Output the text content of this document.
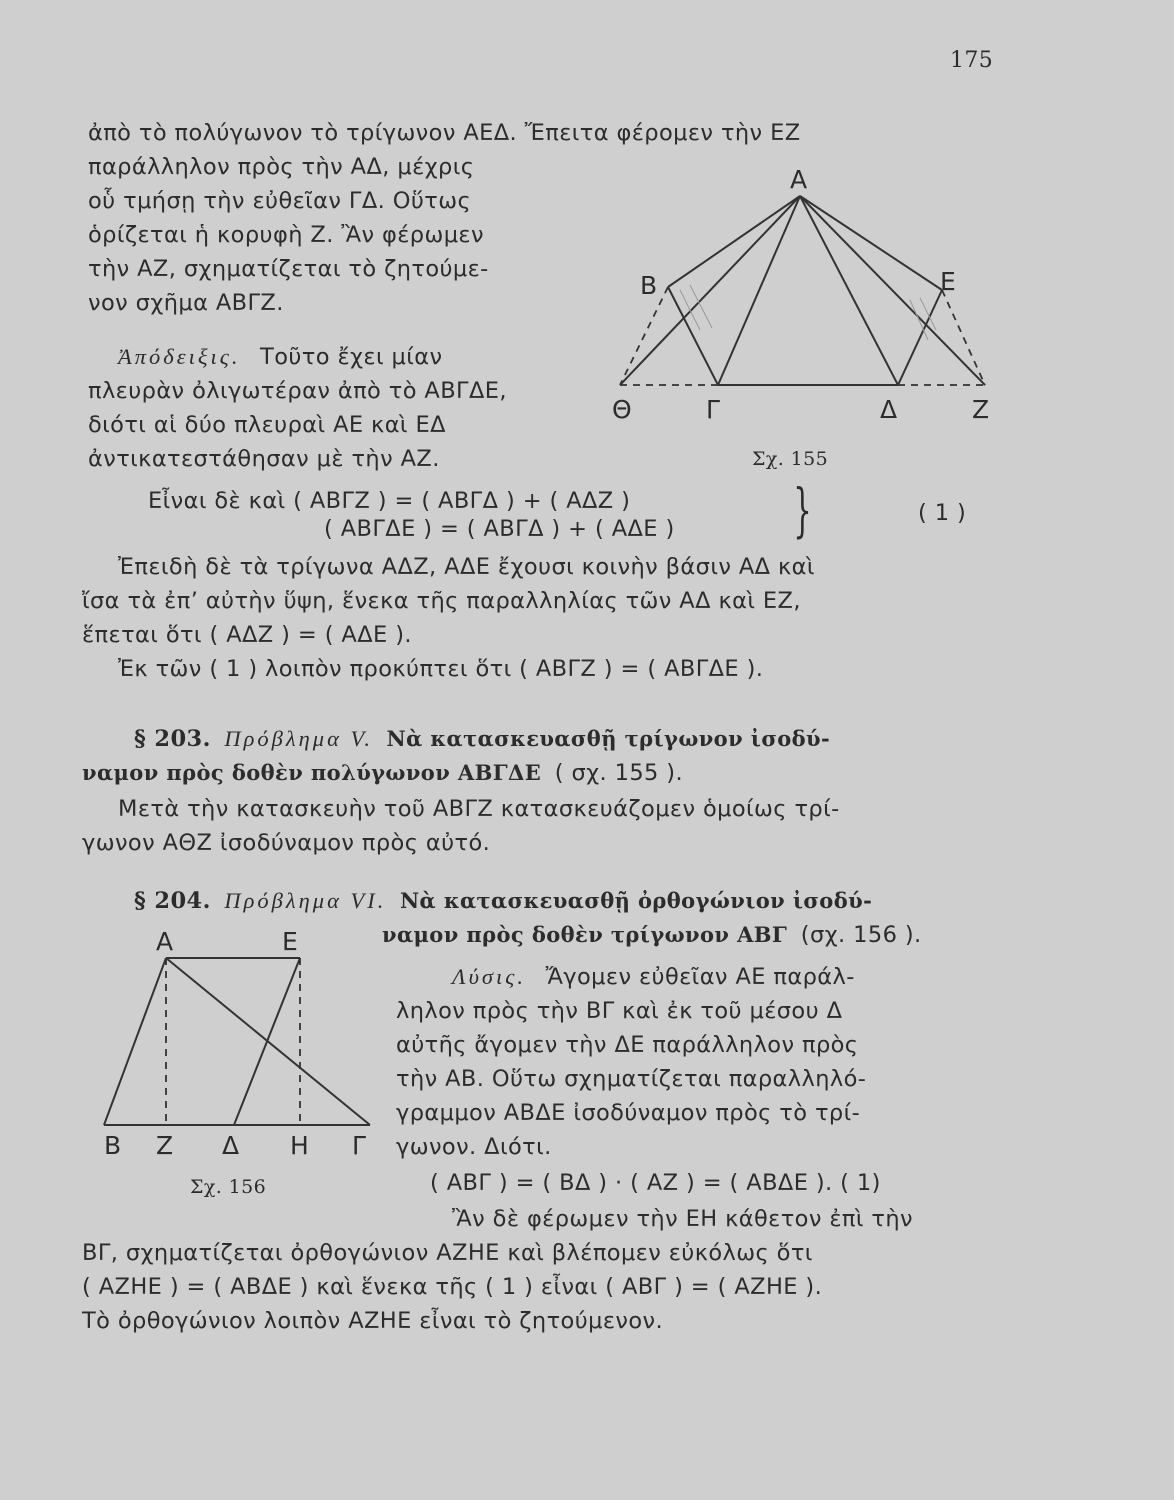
175
ἀπὸ τὸ πολύγωνον τὸ τρίγωνον ΑΕΔ. Ἔπειτα φέρομεν τὴν ΕΖ
παράλληλον πρὸς τὴν ΑΔ, μέχρις
οὗ τμήσῃ τὴν εὐθεῖαν ΓΔ. Οὕτως
ὁρίζεται ἡ κορυφὴ Ζ. Ἂν φέρωμεν
τὴν ΑΖ, σχηματίζεται τὸ ζητούμε-
νον σχῆμα ΑΒΓΖ.
Ἀπόδειξις. Τοῦτο ἔχει μίαν
πλευρὰν ὀλιγωτέραν ἀπὸ τὸ ΑΒΓΔΕ,
διότι αἱ δύο πλευραὶ ΑΕ καὶ ΕΔ
ἀντικατεστάθησαν μὲ τὴν ΑΖ.
Α
Β	Ε
Θ	Γ	Δ	Ζ
Σχ. 155
Εἶναι δὲ καὶ ( ΑΒΓΖ ) = ( ΑΒΓΔ ) + ( ΑΔΖ )
( ΑΒΓΔΕ ) = ( ΑΒΓΔ ) + ( ΑΔΕ ) }	( 1 )
Ἐπειδὴ δὲ τὰ τρίγωνα ΑΔΖ, ΑΔΕ ἔχουσι κοινὴν βάσιν ΑΔ καὶ
ἴσα τὰ ἐπ’ αὐτὴν ὕψη, ἕνεκα τῆς παραλληλίας τῶν ΑΔ καὶ ΕΖ,
ἕπεται ὅτι ( ΑΔΖ ) = ( ΑΔΕ ).
Ἐκ τῶν ( 1 ) λοιπὸν προκύπτει ὅτι ( ΑΒΓΖ ) = ( ΑΒΓΔΕ ).
§ 203. Πρόβλημα V. Νὰ κατασκευασθῇ τρίγωνον ἰσοδύ-
ναμον πρὸς δοθὲν πολύγωνον ΑΒΓΔΕ ( σχ. 155 ).
Μετὰ τὴν κατασκευὴν τοῦ ΑΒΓΖ κατασκευάζομεν ὁμοίως τρί-
γωνον ΑΘΖ ἰσοδύναμον πρὸς αὐτό.
§ 204. Πρόβλημα VI. Νὰ κατασκευασθῇ ὀρθογώνιον ἰσοδύ-
ναμον πρὸς δοθὲν τρίγωνον ΑΒΓ (σχ. 156 ).
Λύσις. Ἄγομεν εὐθεῖαν ΑΕ παράλ-
ληλον πρὸς τὴν ΒΓ καὶ ἐκ τοῦ μέσου Δ
αὐτῆς ἄγομεν τὴν ΔΕ παράλληλον πρὸς
τὴν ΑΒ. Οὕτω σχηματίζεται παραλληλό-
γραμμον ΑΒΔΕ ἰσοδύναμον πρὸς τὸ τρί-
γωνον. Διότι.
( ΑΒΓ ) = ( ΒΔ ) · ( ΑΖ ) = ( ΑΒΔΕ ). ( 1)
Ἂν δὲ φέρωμεν τὴν ΕΗ κάθετον ἐπὶ τὴν
ΒΓ, σχηματίζεται ὀρθογώνιον ΑΖΗΕ καὶ βλέπομεν εὐκόλως ὅτι
( ΑΖΗΕ ) = ( ΑΒΔΕ ) καὶ ἕνεκα τῆς ( 1 ) εἶναι ( ΑΒΓ ) = ( ΑΖΗΕ ).
Τὸ ὀρθογώνιον λοιπὸν ΑΖΗΕ εἶναι τὸ ζητούμενον.
Α	Ε
Β Ζ Δ Η Γ
Σχ. 156
